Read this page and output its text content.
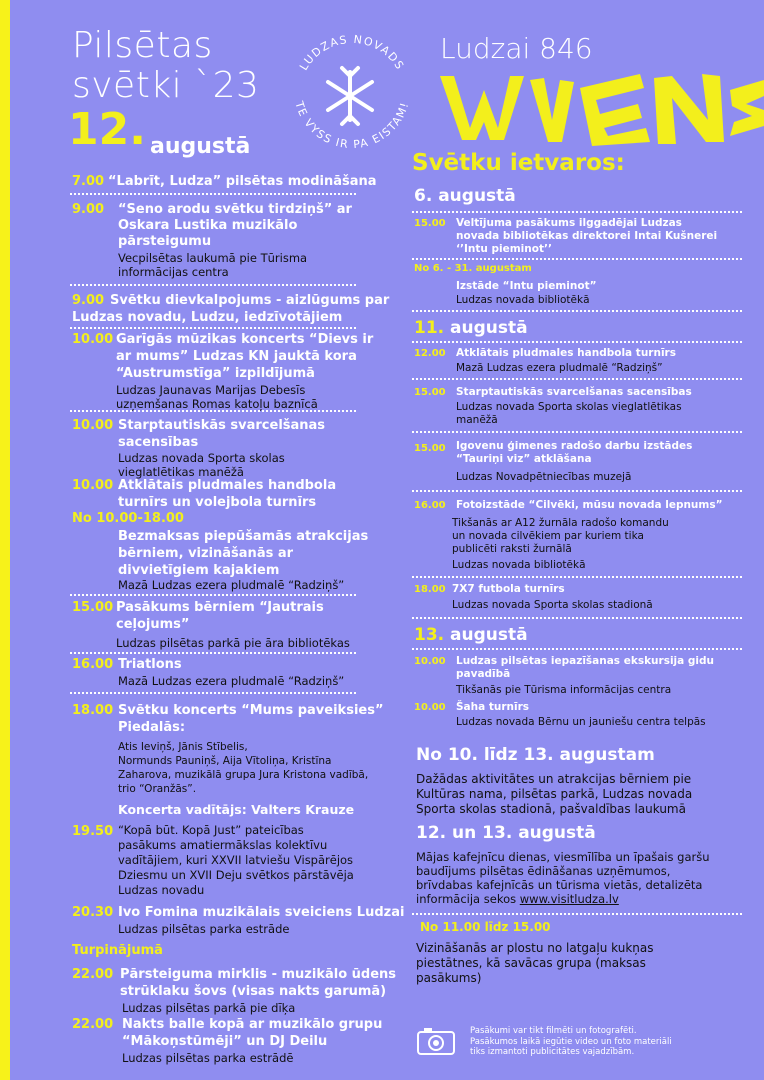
Pilsētas
svētki `23
12. augustā
LUDZAS NOVADS
TE VYSS IR PA EISTAM!
Ludzai 846
7.00 “Labrīt, Ludza” pilsētas modināšana
9.00 “Seno arodu svētku tirdziņš” ar
Oskara Lustika muzikālo
pārsteigumu
Vecpilsētas laukumā pie Tūrisma
informācijas centra
9.00 Svētku dievkalpojums - aizlūgums par
Ludzas novadu, Ludzu, iedzīvotājiem
10.00 Garīgās mūzikas koncerts “Dievs ir
ar mums” Ludzas KN jauktā kora
“Austrumstīga” izpildījumā
Ludzas Jaunavas Marijas Debesīs
uzņemšanas Romas katoļu baznīcā
10.00 Starptautiskās svarcelšanas
sacensības
Ludzas novada Sporta skolas
vieglatlētikas manēžā
10.00 Atklātais pludmales handbola
turnīrs un volejbola turnīrs
No 10.00-18.00
Bezmaksas piepūšamās atrakcijas
bērniem, vizināšanās ar
divvietīgiem kajakiem
Mazā Ludzas ezera pludmalē “Radziņš”
15.00 Pasākums bērniem “Jautrais
ceļojums”
Ludzas pilsētas parkā pie āra bibliotēkas
16.00 Triatlons
Mazā Ludzas ezera pludmalē “Radziņš”
18.00 Svētku koncerts “Mums paveiksies”
Piedalās:
Atis Ieviņš, Jānis Stībelis,
Normunds Pauniņš, Aija Vītoliņa, Kristīna
Zaharova, muzikālā grupa Jura Kristona vadībā,
trio “Oranžās”.
Koncerta vadītājs: Valters Krauze
19.50 “Kopā būt. Kopā Just” pateicības
pasākums amatiermākslas kolektīvu
vadītājiem, kuri XXVII latviešu Vispārējos
Dziesmu un XVII Deju svētkos pārstāvēja
Ludzas novadu
20.30 Ivo Fomina muzikālais sveiciens Ludzai
Ludzas pilsētas parka estrāde
Turpinājumā
22.00 Pārsteiguma mirklis - muzikālo ūdens
strūklaku šovs (visas nakts garumā)
Ludzas pilsētas parkā pie dīķa
22.00 Nakts balle kopā ar muzikālo grupu
“Mākoņstūmēji” un DJ Deilu
Ludzas pilsētas parka estrādē
Svētku ietvaros:
6. augustā
15.00 Veltījuma pasākums ilggadējai Ludzas
novada bibliotēkas direktorei Intai Kušnerei
‘’Intu pieminot’’
No 6. - 31. augustam
Izstāde “Intu pieminot”
Ludzas novada bibliotēkā
11. augustā
12.00 Atklātais pludmales handbola turnīrs
Mazā Ludzas ezera pludmalē “Radziņš”
15.00 Starptautiskās svarcelšanas sacensības
Ludzas novada Sporta skolas vieglatlētikas
manēžā
15.00 Igovenu ģimenes radošo darbu izstādes
“Tauriņi viz” atklāšana
Ludzas Novadpētniecības muzejā
16.00 Fotoizstāde “Cilvēki, mūsu novada lepnums”
Tikšanās ar A12 žurnāla radošo komandu
un novada cilvēkiem par kuriem tika
publicēti raksti žurnālā
Ludzas novada bibliotēkā
18.00 7X7 futbola turnīrs
Ludzas novada Sporta skolas stadionā
13. augustā
10.00 Ludzas pilsētas iepazīšanas ekskursija gidu
pavadībā
Tikšanās pie Tūrisma informācijas centra
10.00 Šaha turnīrs
Ludzas novada Bērnu un jauniešu centra telpās
No 10. līdz 13. augustam
Dažādas aktivitātes un atrakcijas bērniem pie
Kultūras nama, pilsētas parkā, Ludzas novada
Sporta skolas stadionā, pašvaldības laukumā
12. un 13. augustā
Mājas kafejnīcu dienas, viesmīlība un īpašais garšu
baudījums pilsētas ēdināšanas uzņēmumos,
brīvdabas kafejnīcās un tūrisma vietās, detalizēta
informācija sekos www.visitludza.lv
No 11.00 līdz 15.00
Vizināšanās ar plostu no latgaļu kukņas
piestātnes, kā savācas grupa (maksas
pasākums)
Pasākumi var tikt filmēti un fotografēti.
Pasākumos laikā iegūtie video un foto materiāli
tiks izmantoti publicitātes vajadzībām.
